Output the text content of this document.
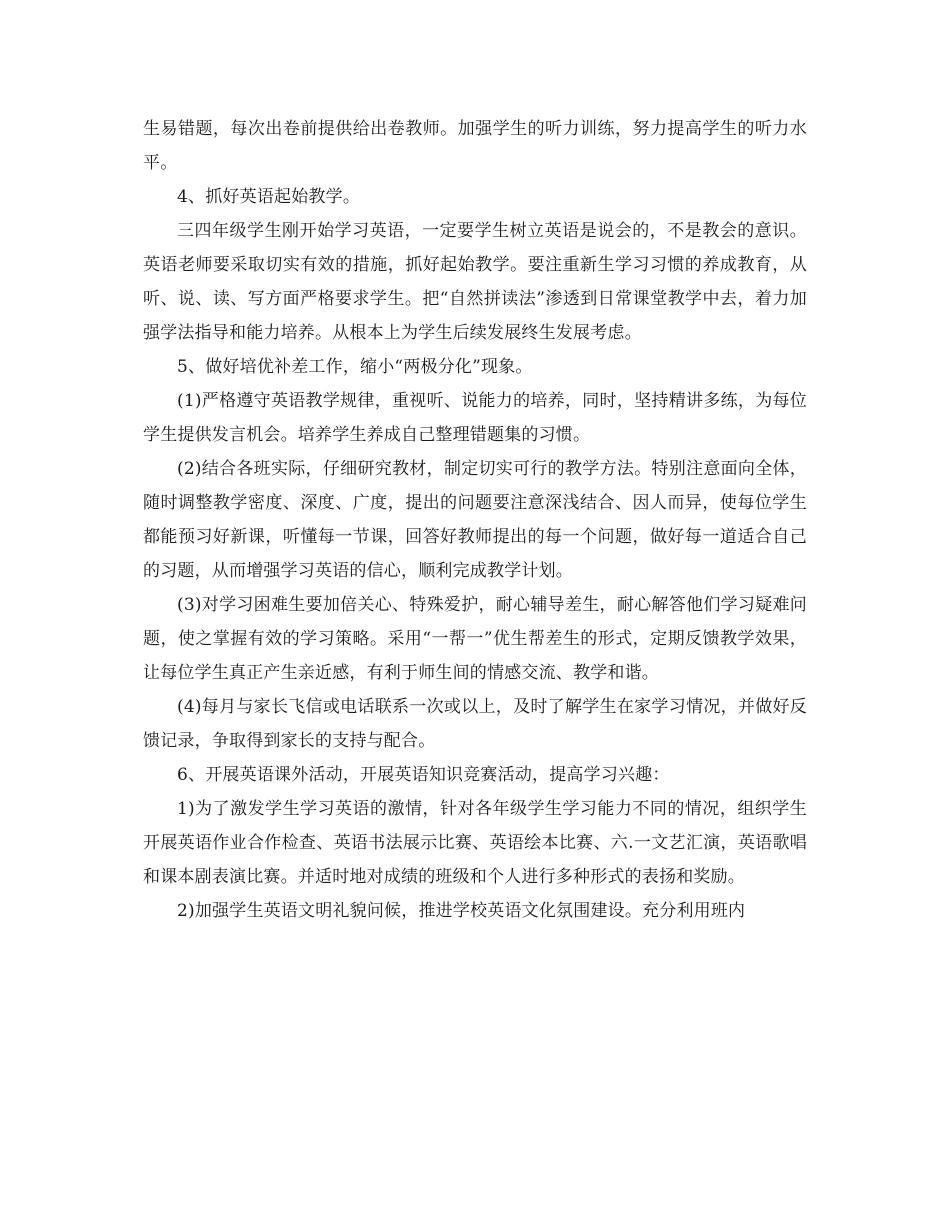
生易错题，每次出卷前提供给出卷教师。加强学生的听力训练，努力提高学生的听力水平。

4、抓好英语起始教学。

三四年级学生刚开始学习英语，一定要学生树立英语是说会的，不是教会的意识。英语老师要采取切实有效的措施，抓好起始教学。要注重新生学习习惯的养成教育，从听、说、读、写方面严格要求学生。把“自然拼读法”渗透到日常课堂教学中去，着力加强学法指导和能力培养。从根本上为学生后续发展终生发展考虑。

5、做好培优补差工作，缩小“两极分化”现象。

(1)严格遵守英语教学规律，重视听、说能力的培养，同时，坚持精讲多练，为每位学生提供发言机会。培养学生养成自己整理错题集的习惯。

(2)结合各班实际，仔细研究教材，制定切实可行的教学方法。特别注意面向全体，随时调整教学密度、深度、广度，提出的问题要注意深浅结合、因人而异，使每位学生都能预习好新课，听懂每一节课，回答好教师提出的每一个问题，做好每一道适合自己的习题，从而增强学习英语的信心，顺利完成教学计划。

(3)对学习困难生要加倍关心、特殊爱护，耐心辅导差生，耐心解答他们学习疑难问题，使之掌握有效的学习策略。采用“一帮一”优生帮差生的形式，定期反馈教学效果，让每位学生真正产生亲近感，有利于师生间的情感交流、教学和谐。

(4)每月与家长飞信或电话联系一次或以上，及时了解学生在家学习情况，并做好反馈记录，争取得到家长的支持与配合。

6、开展英语课外活动，开展英语知识竞赛活动，提高学习兴趣：

1)为了激发学生学习英语的激情，针对各年级学生学习能力不同的情况，组织学生开展英语作业合作检查、英语书法展示比赛、英语绘本比赛、六.一文艺汇演，英语歌唱和课本剧表演比赛。并适时地对成绩的班级和个人进行多种形式的表扬和奖励。

2)加强学生英语文明礼貌问候，推进学校英语文化氛围建设。充分利用班内
